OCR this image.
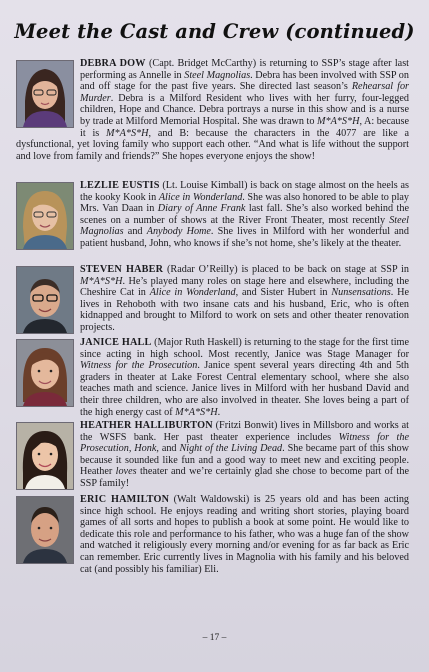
Meet the Cast and Crew (continued)
DEBRA DOW (Capt. Bridget McCarthy) is returning to SSP’s stage after last performing as Annelle in Steel Magnolias. Debra has been involved with SSP on and off stage for the past five years. She directed last season’s Rehearsal for Murder. Debra is a Milford Resident who lives with her furry, four-legged children, Hope and Chance. Debra portrays a nurse in this show and is a nurse by trade at Milford Memorial Hospital. She was drawn to M*A*S*H, A: because it is M*A*S*H, and B: because the characters in the 4077 are like a dysfunctional, yet loving family who support each other. “And what is life without the support and love from family and friends?” She hopes everyone enjoys the show!
LEZLIE EUSTIS (Lt. Louise Kimball) is back on stage almost on the heels as the kooky Kook in Alice in Wonderland. She was also honored to be able to play Mrs. Van Daan in Diary of Anne Frank last fall. She’s also worked behind the scenes on a number of shows at the River Front Theater, most recently Steel Magnolias and Anybody Home. She lives in Milford with her wonderful and patient husband, John, who knows if she’s not home, she’s likely at the theater.
STEVEN HABER (Radar O’Reilly) is placed to be back on stage at SSP in M*A*S*H. He’s played many roles on stage here and elsewhere, including the Cheshire Cat in Alice in Wonderland, and Sister Hubert in Nunsensations. He lives in Rehoboth with two insane cats and his husband, Eric, who is often kidnapped and brought to Milford to work on sets and other theater renovation projects.
JANICE HALL (Major Ruth Haskell) is returning to the stage for the first time since acting in high school. Most recently, Janice was Stage Manager for Witness for the Prosecution. Janice spent several years directing 4th and 5th graders in theater at Lake Forest Central elementary school, where she also teaches math and science. Janice lives in Milford with her husband David and their three children, who are also involved in theater. She loves being a part of the high energy cast of M*A*S*H.
HEATHER HALLIBURTON (Fritzi Bonwit) lives in Millsboro and works at the WSFS bank. Her past theater experience includes Witness for the Prosecution, Honk, and Night of the Living Dead. She became part of this show because it sounded like fun and a good way to meet new and exciting people. Heather loves theater and we’re certainly glad she chose to become part of the SSP family!
ERIC HAMILTON (Walt Waldowski) is 25 years old and has been acting since high school. He enjoys reading and writing short stories, playing board games of all sorts and hopes to publish a book at some point. He would like to dedicate this role and performance to his father, who was a huge fan of the show and watched it religiously every morning and/or evening for as far back as Eric can remember. Eric currently lives in Magnolia with his family and his beloved cat (and possibly his familiar) Eli.
– 17 –
